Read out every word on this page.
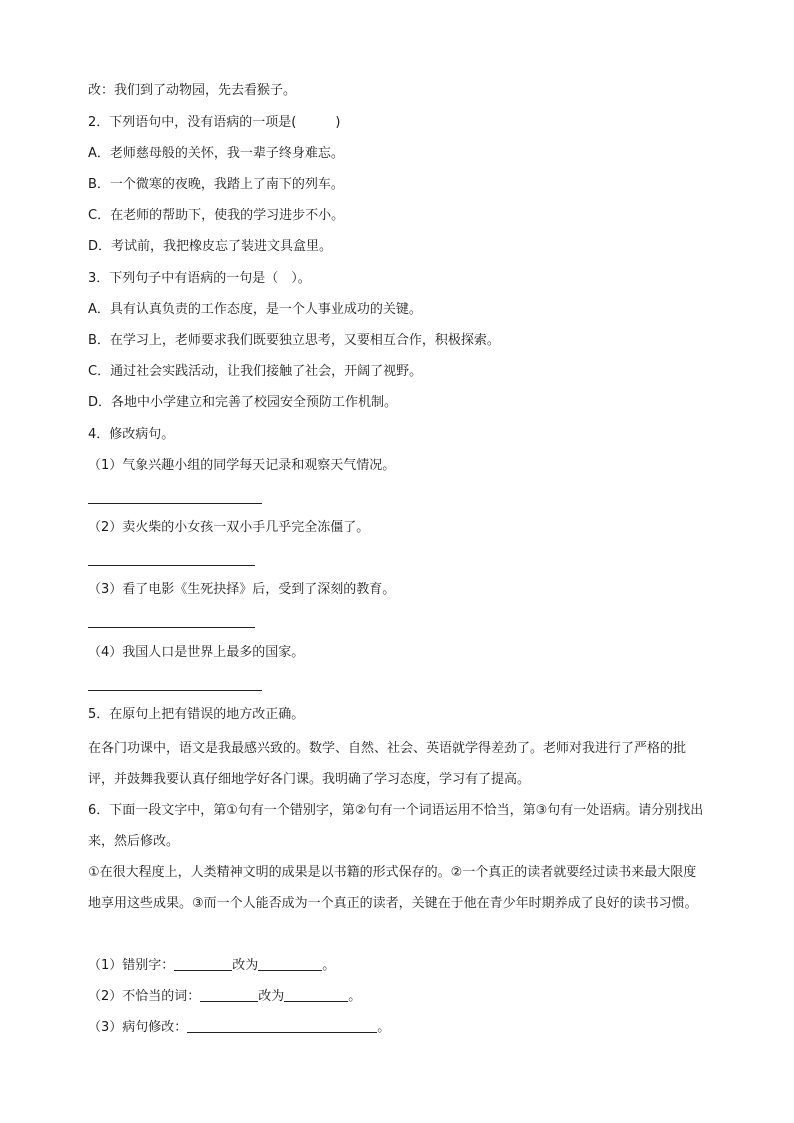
改：我们到了动物园，先去看猴子。
2．下列语句中，没有语病的一项是(　　　)
A．老师慈母般的关怀，我一辈子终身难忘。
B．一个微寒的夜晚，我踏上了南下的列车。
C．在老师的帮助下，使我的学习进步不小。
D．考试前，我把橡皮忘了装进文具盒里。
3．下列句子中有语病的一句是（　）。
A．具有认真负责的工作态度，是一个人事业成功的关键。
B．在学习上，老师要求我们既要独立思考，又要相互合作，积极探索。
C．通过社会实践活动，让我们接触了社会，开阔了视野。
D．各地中小学建立和完善了校园安全预防工作机制。
4．修改病句。
（1）气象兴趣小组的同学每天记录和观察天气情况。
（2）卖火柴的小女孩一双小手几乎完全冻僵了。
（3）看了电影《生死抉择》后，受到了深刻的教育。
（4）我国人口是世界上最多的国家。
5．在原句上把有错误的地方改正确。
在各门功课中，语文是我最感兴致的。数学、自然、社会、英语就学得差劲了。老师对我进行了严格的批评，并鼓舞我要认真仔细地学好各门课。我明确了学习态度，学习有了提高。
6．下面一段文字中，第①句有一个错别字，第②句有一个词语运用不恰当，第③句有一处语病。请分别找出来，然后修改。
①在很大程度上，人类精神文明的成果是以书籍的形式保存的。②一个真正的读者就要经过读书来最大限度地享用这些成果。③而一个人能否成为一个真正的读者，关键在于他在青少年时期养成了良好的读书习惯。
（1）错别字：	改为	。
（2）不恰当的词：	改为	。
（3）病句修改：	。
